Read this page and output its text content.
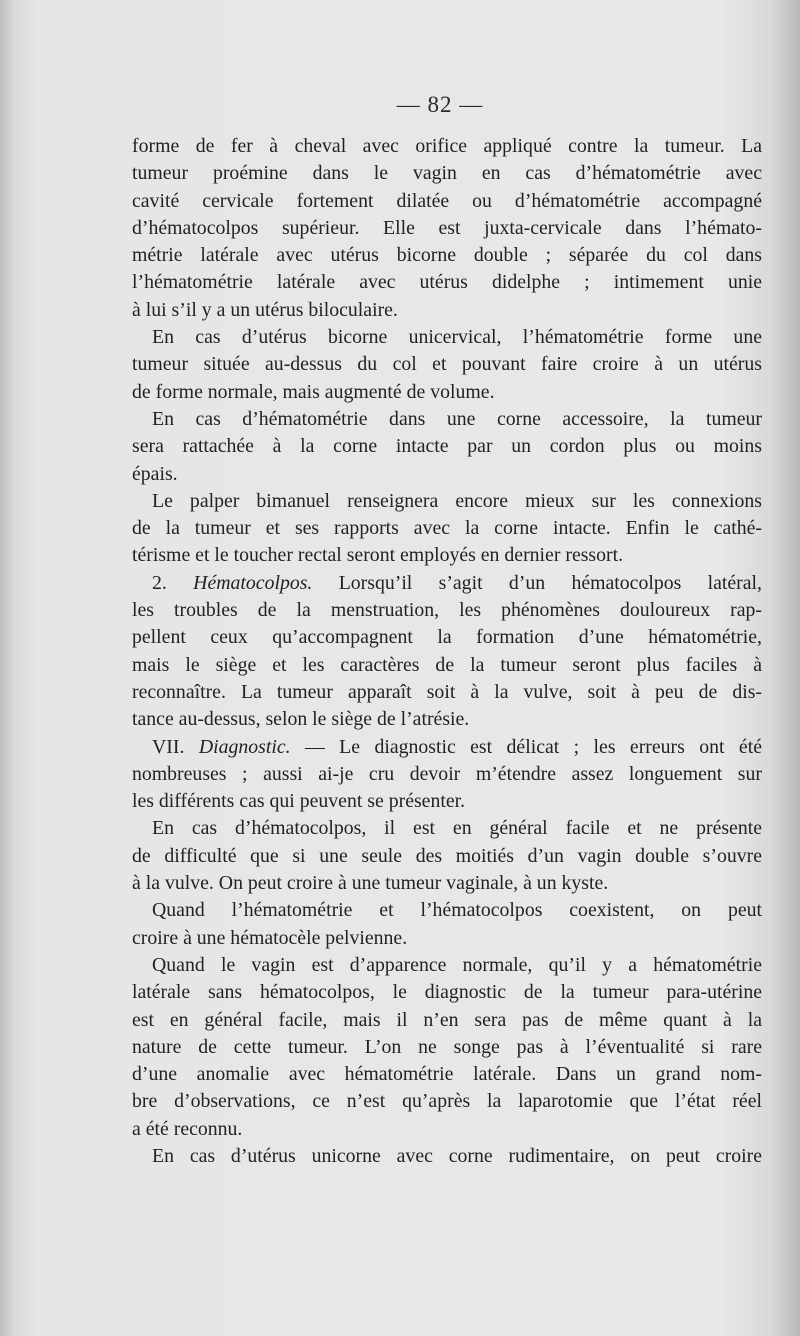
— 82 —
forme de fer à cheval avec orifice appliqué contre la tumeur. La
tumeur proémine dans le vagin en cas d’hématométrie avec
cavité cervicale fortement dilatée ou d’hématométrie accompagné
d’hématocolpos supérieur. Elle est juxta-cervicale dans l’hémato-
métrie latérale avec utérus bicorne double ; séparée du col dans
l’hématométrie latérale avec utérus didelphe ; intimement unie
à lui s’il y a un utérus biloculaire.
En cas d’utérus bicorne unicervical, l’hématométrie forme une
tumeur située au-dessus du col et pouvant faire croire à un utérus
de forme normale, mais augmenté de volume.
En cas d’hématométrie dans une corne accessoire, la tumeur
sera rattachée à la corne intacte par un cordon plus ou moins
épais.
Le palper bimanuel renseignera encore mieux sur les connexions
de la tumeur et ses rapports avec la corne intacte. Enfin le cathé-
térisme et le toucher rectal seront employés en dernier ressort.
2. Hématocolpos. Lorsqu’il s’agit d’un hématocolpos latéral,
les troubles de la menstruation, les phénomènes douloureux rap-
pellent ceux qu’accompagnent la formation d’une hématométrie,
mais le siège et les caractères de la tumeur seront plus faciles à
reconnaître. La tumeur apparaît soit à la vulve, soit à peu de dis-
tance au-dessus, selon le siège de l’atrésie.
VII. Diagnostic. — Le diagnostic est délicat ; les erreurs ont été
nombreuses ; aussi ai-je cru devoir m’étendre assez longuement sur
les différents cas qui peuvent se présenter.
En cas d’hématocolpos, il est en général facile et ne présente
de difficulté que si une seule des moitiés d’un vagin double s’ouvre
à la vulve. On peut croire à une tumeur vaginale, à un kyste.
Quand l’hématométrie et l’hématocolpos coexistent, on peut
croire à une hématocèle pelvienne.
Quand le vagin est d’apparence normale, qu’il y a hématométrie
latérale sans hématocolpos, le diagnostic de la tumeur para-utérine
est en général facile, mais il n’en sera pas de même quant à la
nature de cette tumeur. L’on ne songe pas à l’éventualité si rare
d’une anomalie avec hématométrie latérale. Dans un grand nom-
bre d’observations, ce n’est qu’après la laparotomie que l’état réel
a été reconnu.
En cas d’utérus unicorne avec corne rudimentaire, on peut croire
